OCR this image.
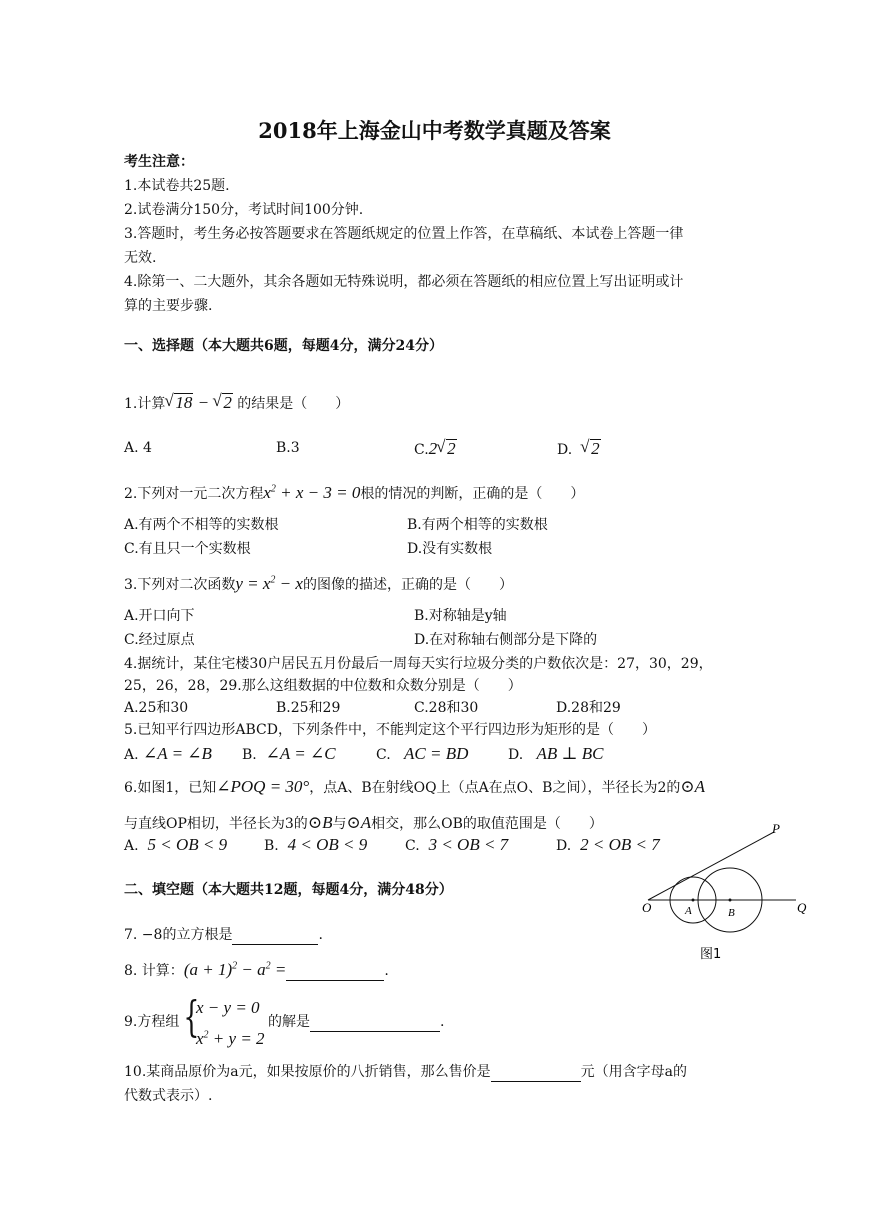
2018年上海金山中考数学真题及答案
考生注意：
1.本试卷共25题.
2.试卷满分150分，考试时间100分钟.
3.答题时，考生务必按答题要求在答题纸规定的位置上作答，在草稿纸、本试卷上答题一律
无效.
4.除第一、二大题外，其余各题如无特殊说明，都必须在答题纸的相应位置上写出证明或计
算的主要步骤.
一、选择题（本大题共6题，每题4分，满分24分）
1.计算 √ 18 − √ 2 的结果是（　　）
A. 4	B.3	C.2 √ 2	D. √ 2
2.下列对一元二次方程$x^2 + x - 3 = 0$根的情况的判断，正确的是（　　）
A.有两个不相等的实数根	B.有两个相等的实数根
C.有且只一个实数根	D.没有实数根
3.下列对二次函数$y = x^2 - x$的图像的描述，正确的是（　　）
A.开口向下	B.对称轴是y轴
C.经过原点	D.在对称轴右侧部分是下降的
4.据统计，某住宅楼30户居民五月份最后一周每天实行垃圾分类的户数依次是：27，30，29，
25，26，28，29.那么这组数据的中位数和众数分别是（　　）
A.25和30	B.25和29	C.28和30	D.28和29
5.已知平行四边形ABCD，下列条件中，不能判定这个平行四边形为矩形的是（　　）
A. ∠A = ∠B B. ∠A = ∠C	C. AC = BD	D. AB ⊥ BC
6.如图1，已知∠POQ = 30°，点A、B在射线OQ上（点A在点O、B之间），半径长为2的⊙A
与直线OP相切，半径长为3的⊙B与⊙A相交，那么OB的取值范围是（　　）
A. 5 < OB < 9	B. 4 < OB < 9	C. 3 < OB < 7	D. 2 < OB < 7
P
O	A	B	Q
图1
二、填空题（本大题共12题，每题4分，满分48分）
7. −8的立方根是	.
8. 计算：$(a + 1)^2 - a^2$ =	.
9.方程组 {
x − y = 0
$x^2 + y = 2$
的解是	.
10.某商品原价为a元，如果按原价的八折销售，那么售价是	元（用含字母a的
代数式表示）.
